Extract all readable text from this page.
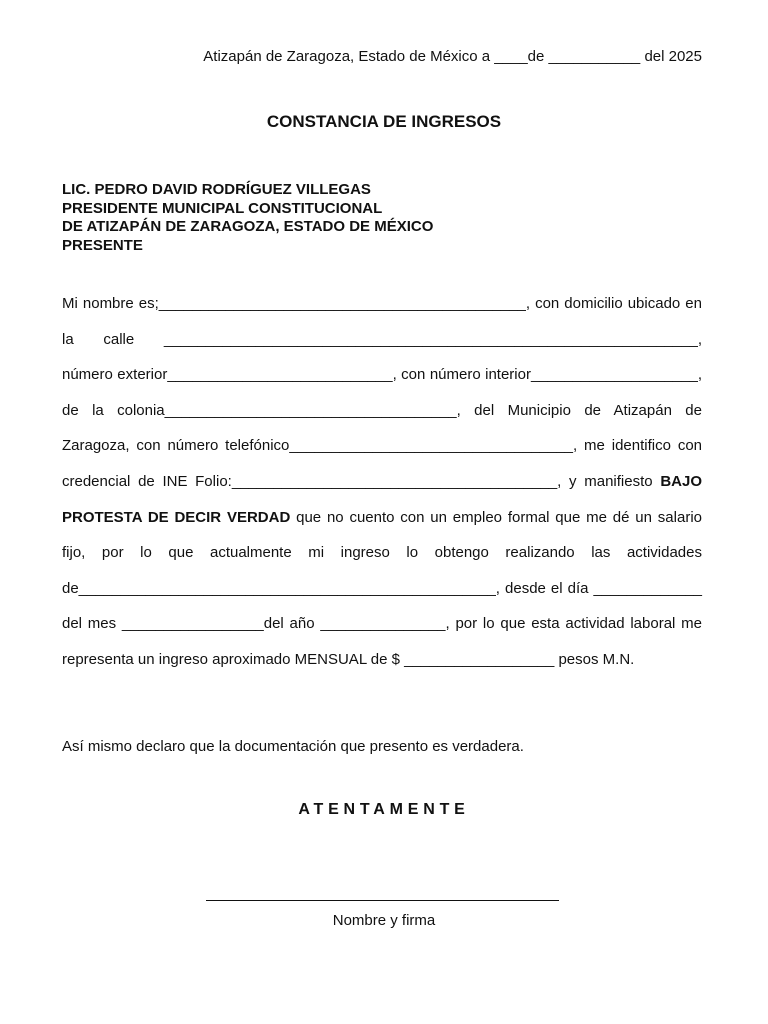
Atizapán de Zaragoza, Estado de México a ____de ___________ del 2025
CONSTANCIA DE INGRESOS
LIC. PEDRO DAVID RODRÍGUEZ VILLEGAS
PRESIDENTE MUNICIPAL CONSTITUCIONAL
DE ATIZAPÁN DE ZARAGOZA, ESTADO DE MÉXICO
PRESENTE
Mi nombre es;____________________________________________, con domicilio ubicado en la calle ________________________________________________________________, número exterior___________________________, con número interior____________________, de la colonia___________________________________, del Municipio de Atizapán de Zaragoza, con número telefónico__________________________________, me identifico con credencial de INE Folio:_______________________________________, y manifiesto BAJO PROTESTA DE DECIR VERDAD que no cuento con un empleo formal que me dé un salario fijo, por lo que actualmente mi ingreso lo obtengo realizando las actividades de__________________________________________________, desde el día _____________ del mes _________________del año _______________, por lo que esta actividad laboral me representa un ingreso aproximado MENSUAL de $ __________________ pesos M.N.
Así mismo declaro que la documentación que presento es verdadera.
ATENTAMENTE
Nombre y firma
